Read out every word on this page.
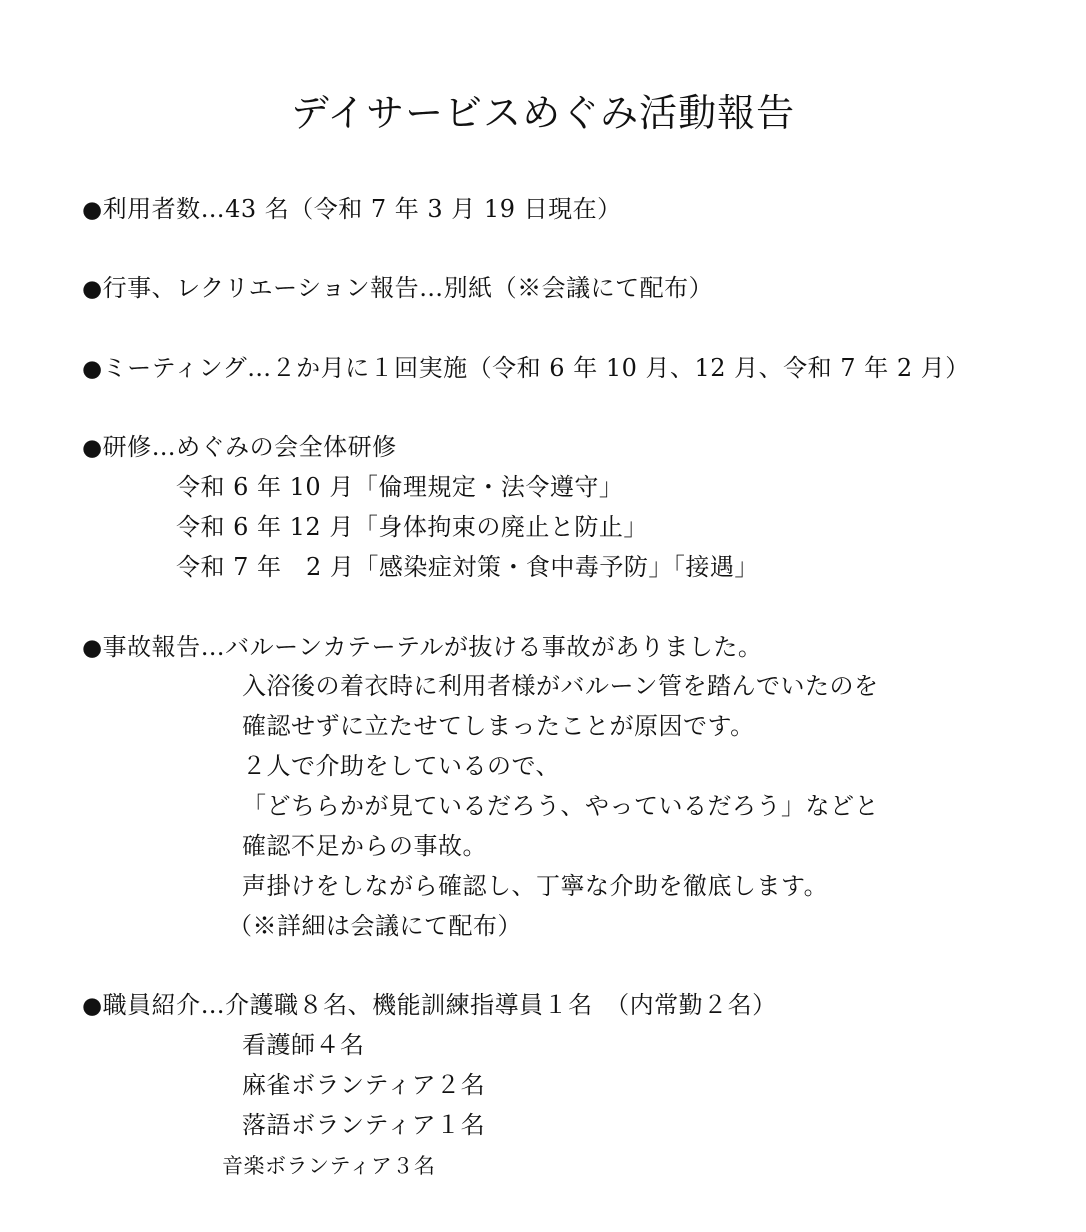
デイサービスめぐみ活動報告
●利用者数…43 名（令和 7 年 3 月 19 日現在）
●行事、レクリエーション報告…別紙（※会議にて配布）
●ミーティング…２か月に１回実施（令和 6 年 10 月、12 月、令和 7 年 2 月）
●研修…めぐみの会全体研修
令和 6 年 10 月「倫理規定・法令遵守」
令和 6 年 12 月「身体拘束の廃止と防止」
令和 7 年　2 月「感染症対策・食中毒予防」「接遇」
●事故報告…バルーンカテーテルが抜ける事故がありました。
入浴後の着衣時に利用者様がバルーン管を踏んでいたのを
確認せずに立たせてしまったことが原因です。
２人で介助をしているので、
「どちらかが見ているだろう、やっているだろう」などと
確認不足からの事故。
声掛けをしながら確認し、丁寧な介助を徹底します。
（※詳細は会議にて配布）
●職員紹介…介護職８名、機能訓練指導員１名　（内常勤２名）
看護師４名
麻雀ボランティア２名
落語ボランティア１名
音楽ボランティア３名
